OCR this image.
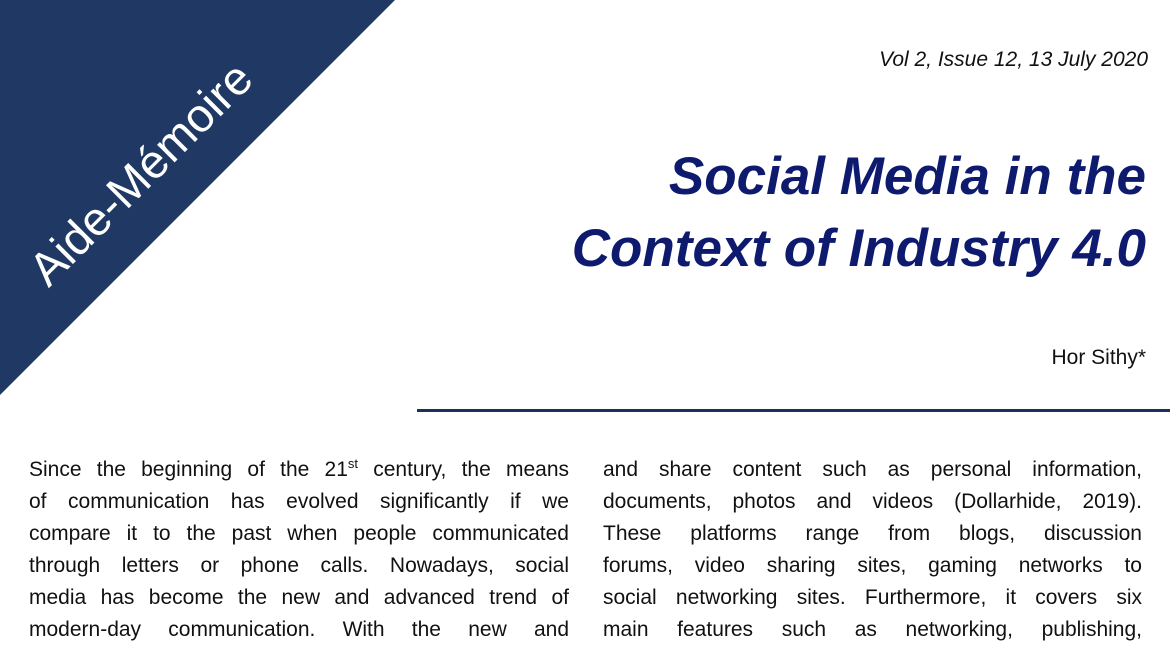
Aide-Mémoire	Vol 2, Issue 12, 13 July 2020
Social Media in the
Context of Industry 4.0
Hor Sithy*
Since the beginning of the 21st century, the means
of communication has evolved significantly if we
compare it to the past when people communicated
through letters or phone calls. Nowadays, social
media has become the new and advanced trend of
modern-day communication. With the new and
and share content such as personal information,
documents, photos and videos (Dollarhide, 2019).
These platforms range from blogs, discussion
forums, video sharing sites, gaming networks to
social networking sites. Furthermore, it covers six
main features such as networking, publishing,
